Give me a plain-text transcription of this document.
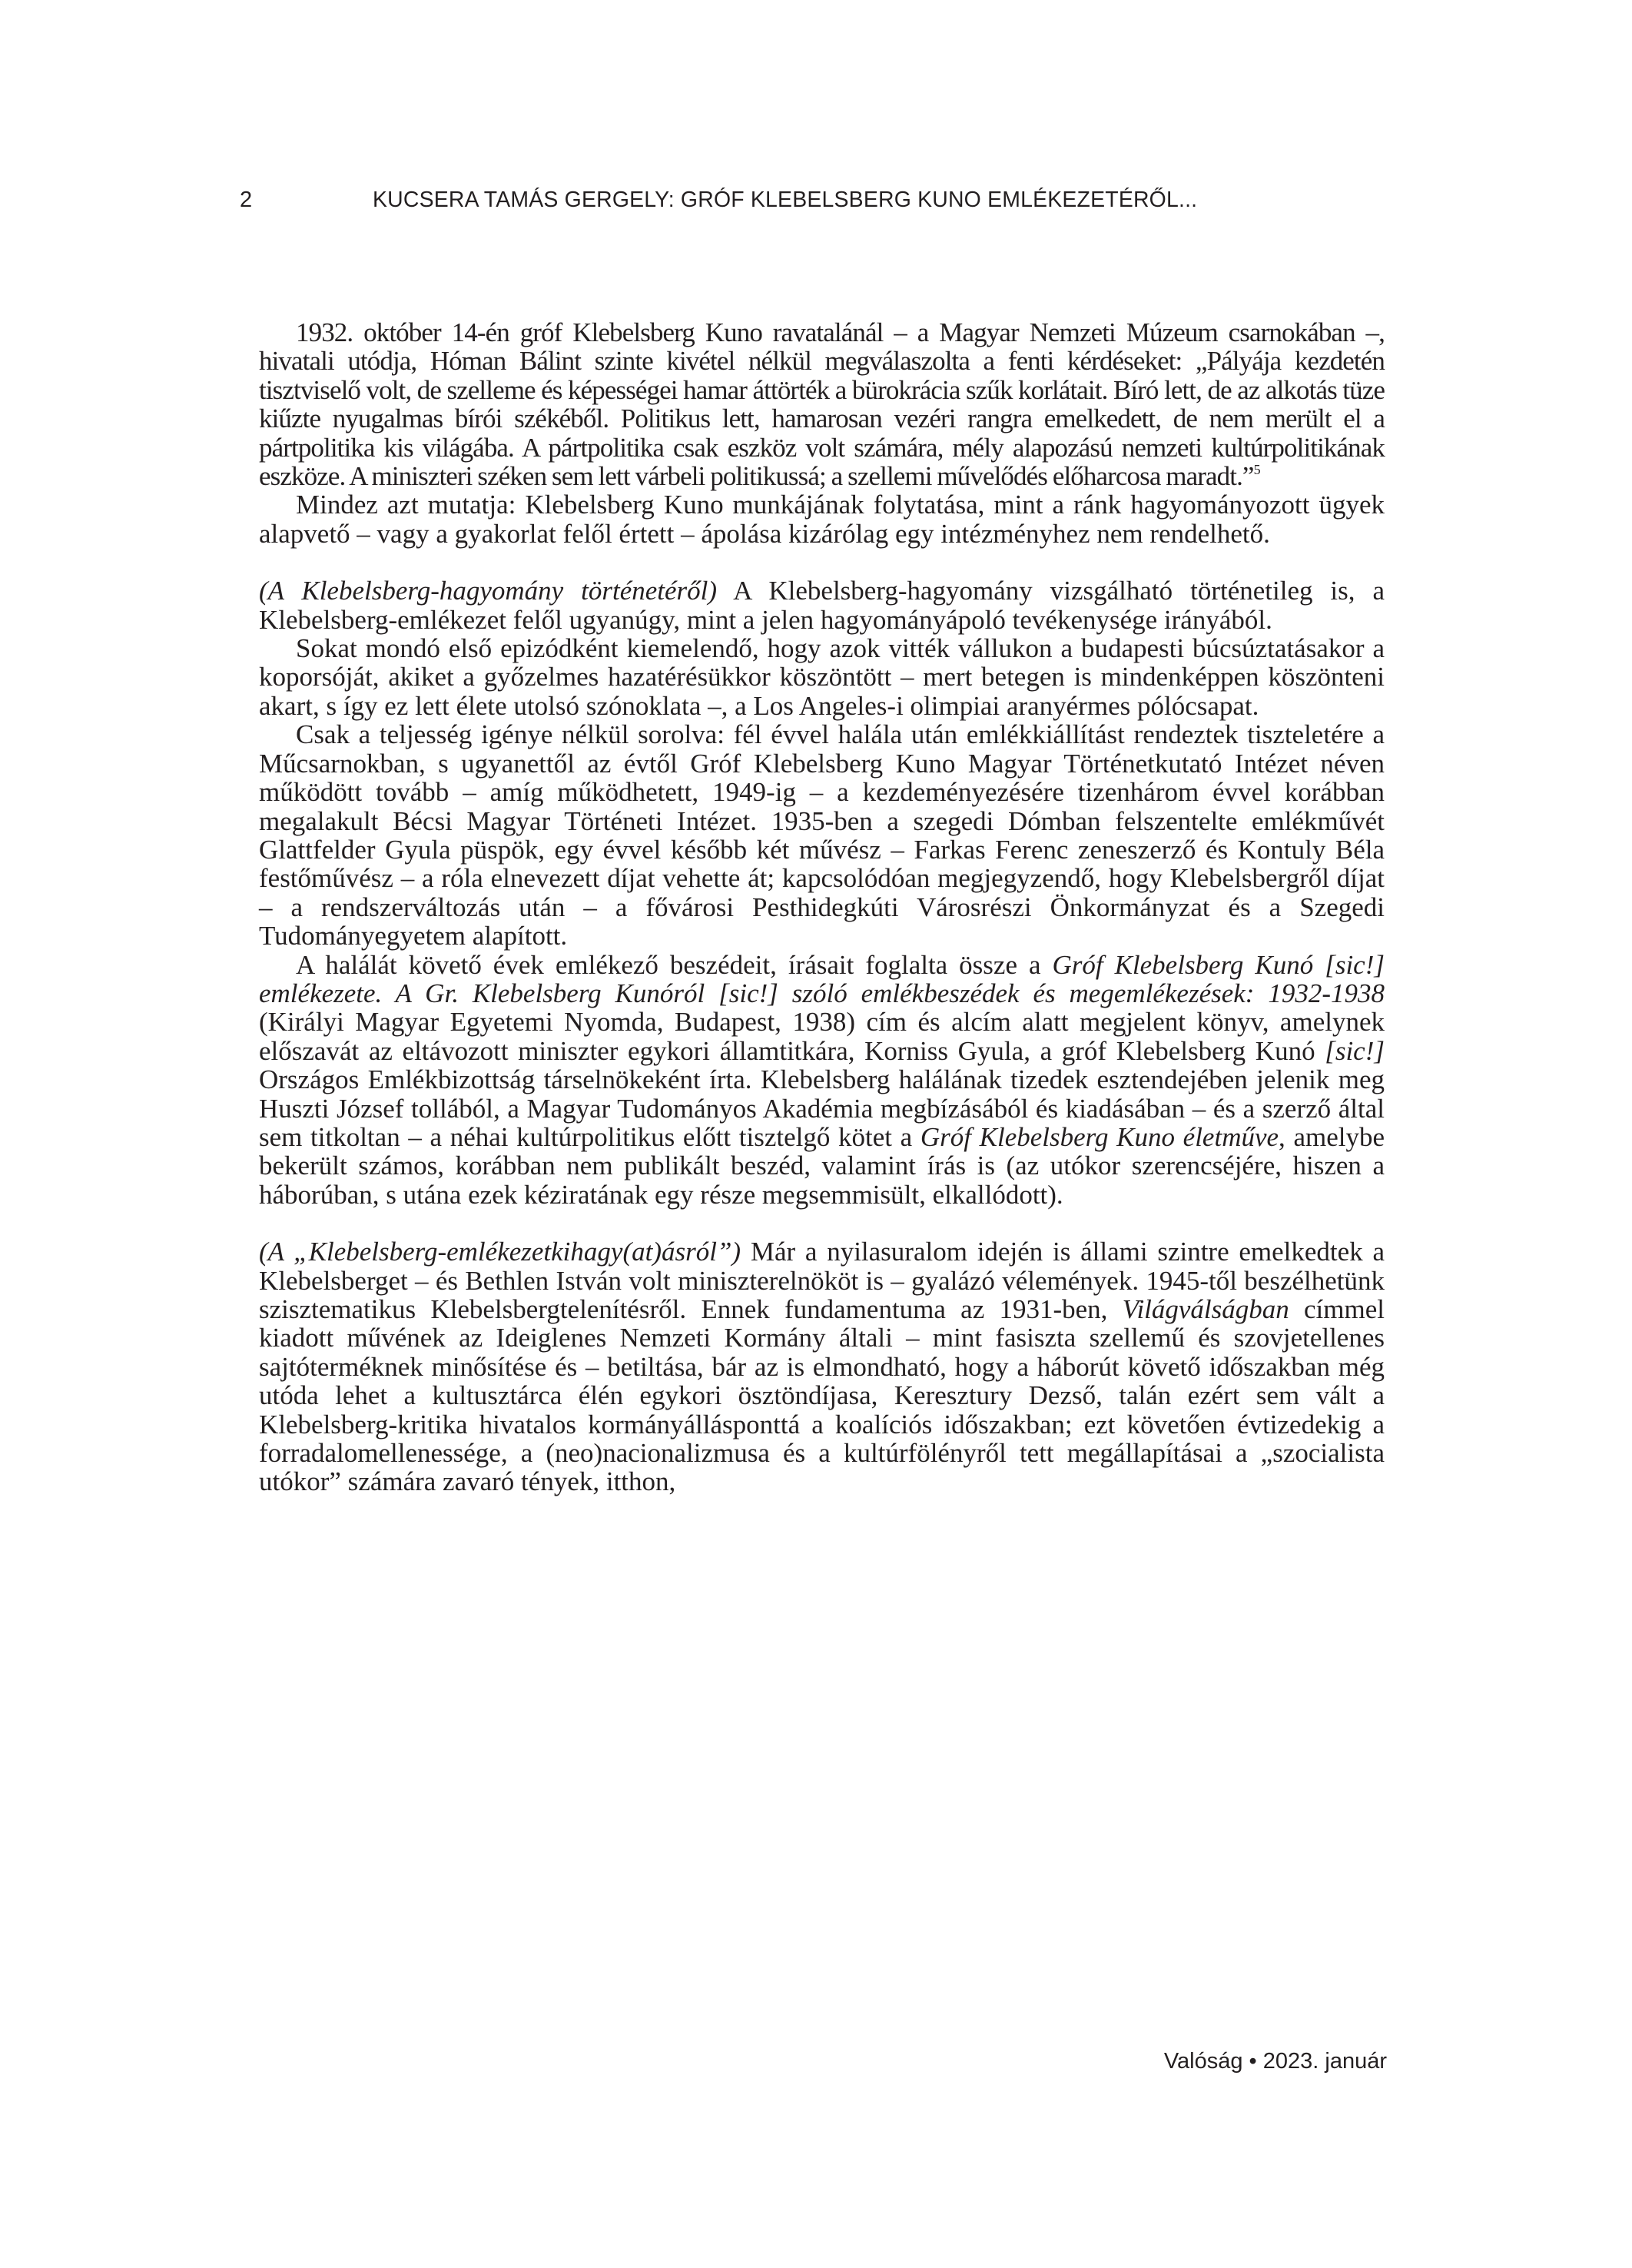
2	KUCSERA TAMÁS GERGELY: GRÓF KLEBELSBERG KUNO EMLÉKEZETÉRŐL...

1932. október 14-én gróf Klebelsberg Kuno ravatalánál – a Magyar Nemzeti Múzeum csarnokában –, hivatali utódja, Hóman Bálint szinte kivétel nélkül megválaszolta a fenti kérdéseket: „Pályája kezdetén tisztviselő volt, de szelleme és képességei hamar áttörték a bürokrácia szűk korlátait. Bíró lett, de az alkotás tüze kiűzte nyugalmas bírói székéből. Politikus lett, hamarosan vezéri rangra emelkedett, de nem merült el a pártpolitika kis világába. A pártpolitika csak eszköz volt számára, mély alapozású nemzeti kultúrpolitikának eszköze. A miniszteri széken sem lett várbeli politikussá; a szellemi művelődés előharcosa maradt.”$^5$

Mindez azt mutatja: Klebelsberg Kuno munkájának folytatása, mint a ránk hagyományozott ügyek alapvető – vagy a gyakorlat felől értett – ápolása kizárólag egy intézményhez nem rendelhető.

(A Klebelsberg-hagyomány történetéről) A Klebelsberg-hagyomány vizsgálható történetileg is, a Klebelsberg-emlékezet felől ugyanúgy, mint a jelen hagyományápoló tevékenysége irányából.

Sokat mondó első epizódként kiemelendő, hogy azok vitték vállukon a budapesti búcsúztatásakor a koporsóját, akiket a győzelmes hazatérésükkor köszöntött – mert betegen is mindenképpen köszönteni akart, s így ez lett élete utolsó szónoklata –, a Los Angeles-i olimpiai aranyérmes pólócsapat.

Csak a teljesség igénye nélkül sorolva: fél évvel halála után emlékkiállítást rendeztek tiszteletére a Műcsarnokban, s ugyanettől az évtől Gróf Klebelsberg Kuno Magyar Történetkutató Intézet néven működött tovább – amíg működhetett, 1949-ig – a kezdeményezésére tizenhárom évvel korábban megalakult Bécsi Magyar Történeti Intézet. 1935-ben a szegedi Dómban felszentelte emlékművét Glattfelder Gyula püspök, egy évvel később két művész – Farkas Ferenc zeneszerző és Kontuly Béla festőművész – a róla elnevezett díjat vehette át; kapcsolódóan megjegyzendő, hogy Klebelsbergről díjat – a rendszerváltozás után – a fővárosi Pesthidegkúti Városrészi Önkormányzat és a Szegedi Tudományegyetem alapított.

A halálát követő évek emlékező beszédeit, írásait foglalta össze a Gróf Klebelsberg Kunó [sic!] emlékezete. A Gr. Klebelsberg Kunóról [sic!] szóló emlékbeszédek és megemlékezések: 1932-1938 (Királyi Magyar Egyetemi Nyomda, Budapest, 1938) cím és alcím alatt megjelent könyv, amelynek előszavát az eltávozott miniszter egykori államtitkára, Korniss Gyula, a gróf Klebelsberg Kunó [sic!] Országos Emlékbizottság társelnökeként írta. Klebelsberg halálának tizedek esztendejében jelenik meg Huszti József tollából, a Magyar Tudományos Akadémia megbízásából és kiadásában – és a szerző által sem titkoltan – a néhai kultúrpolitikus előtt tisztelgő kötet a Gróf Klebelsberg Kuno életműve, amelybe bekerült számos, korábban nem publikált beszéd, valamint írás is (az utókor szerencséjére, hiszen a háborúban, s utána ezek kéziratának egy része megsemmisült, elkallódott).

(A „Klebelsberg-emlékezetkihagy(at)ásról”) Már a nyilasuralom idején is állami szintre emelkedtek a Klebelsberget – és Bethlen István volt miniszterelnököt is – gyalázó vélemények. 1945-től beszélhetünk szisztematikus Klebelsbergtelenítésről. Ennek fundamentuma az 1931-ben, Világválságban címmel kiadott művének az Ideiglenes Nemzeti Kormány általi – mint fasiszta szellemű és szovjetellenes sajtóterméknek minősítése és – betiltása, bár az is elmondható, hogy a háborút követő időszakban még utóda lehet a kultusztárca élén egykori ösztöndíjasa, Keresztury Dezső, talán ezért sem vált a Klebelsberg-kritika hivatalos kormányállásponttá a koalíciós időszakban; ezt követően évtizedekig a forradalomellenessége, a (neo)nacionalizmusa és a kultúrfölényről tett megállapításai a „szocialista utókor” számára zavaró tények, itthon,

Valóság • 2023. január
